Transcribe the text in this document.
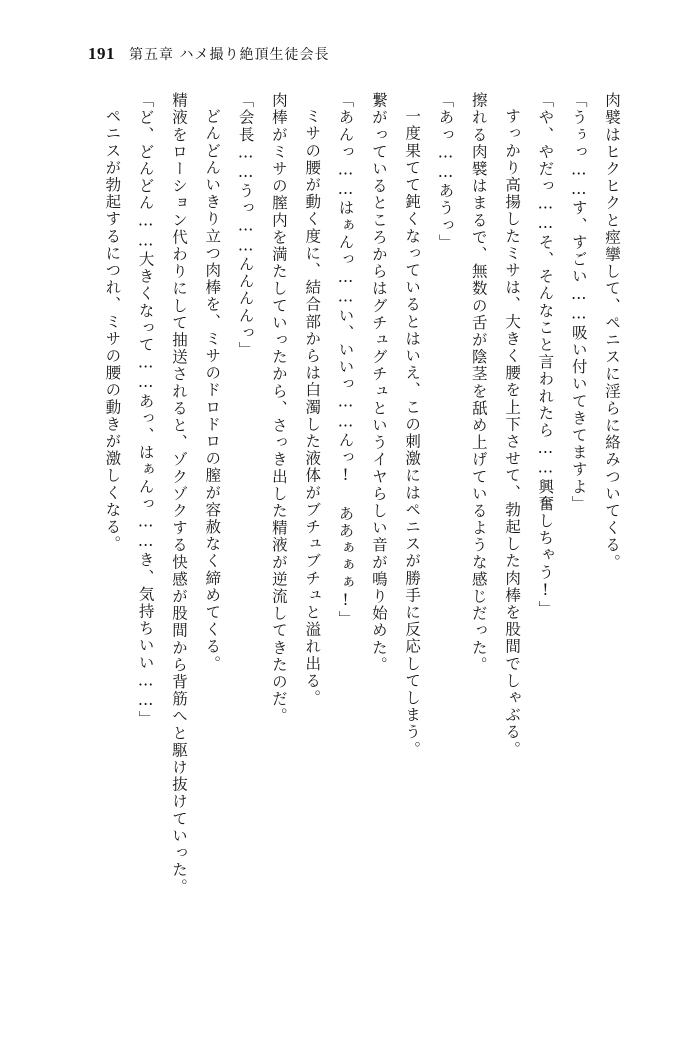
191 第五章 ハメ撮り絶頂生徒会長

肉襞はヒクヒクと痙攣して、ペニスに淫らに絡みついてくる。

「うぅっ……す、すごい……吸い付いてきてますよ」

「や、やだっ……そ、そんなこと言われたら……興奮しちゃう!」

すっかり高揚したミサは、大きく腰を上下させて、勃起した肉棒を股間でしゃぶる。

擦れる肉襞はまるで、無数の舌が陰茎を舐め上げているような感じだった。

「あっ……あうっ」

一度果てて鈍くなっているとはいえ、この刺激にはペニスが勝手に反応してしまう。

繋がっているところからはグチュグチュというイヤらしい音が鳴り始めた。

「あんっ……はぁんっ……い、いいっ……んっ! ああぁぁぁ!」

ミサの腰が動く度に、結合部からは白濁した液体がブチュブチュと溢れ出る。

肉棒がミサの膣内を満たしていったから、さっき出した精液が逆流してきたのだ。

「会長……うっ……んんんんっ」

どんどんいきり立つ肉棒を、ミサのドロドロの膣が容赦なく締めてくる。

精液をローション代わりにして抽送されると、ゾクゾクする快感が股間から背筋へと駆け抜けていった。

「ど、どんどん……大きくなって……あっ、はぁんっ……き、気持ちいい……」

ペニスが勃起するにつれ、ミサの腰の動きが激しくなる。
